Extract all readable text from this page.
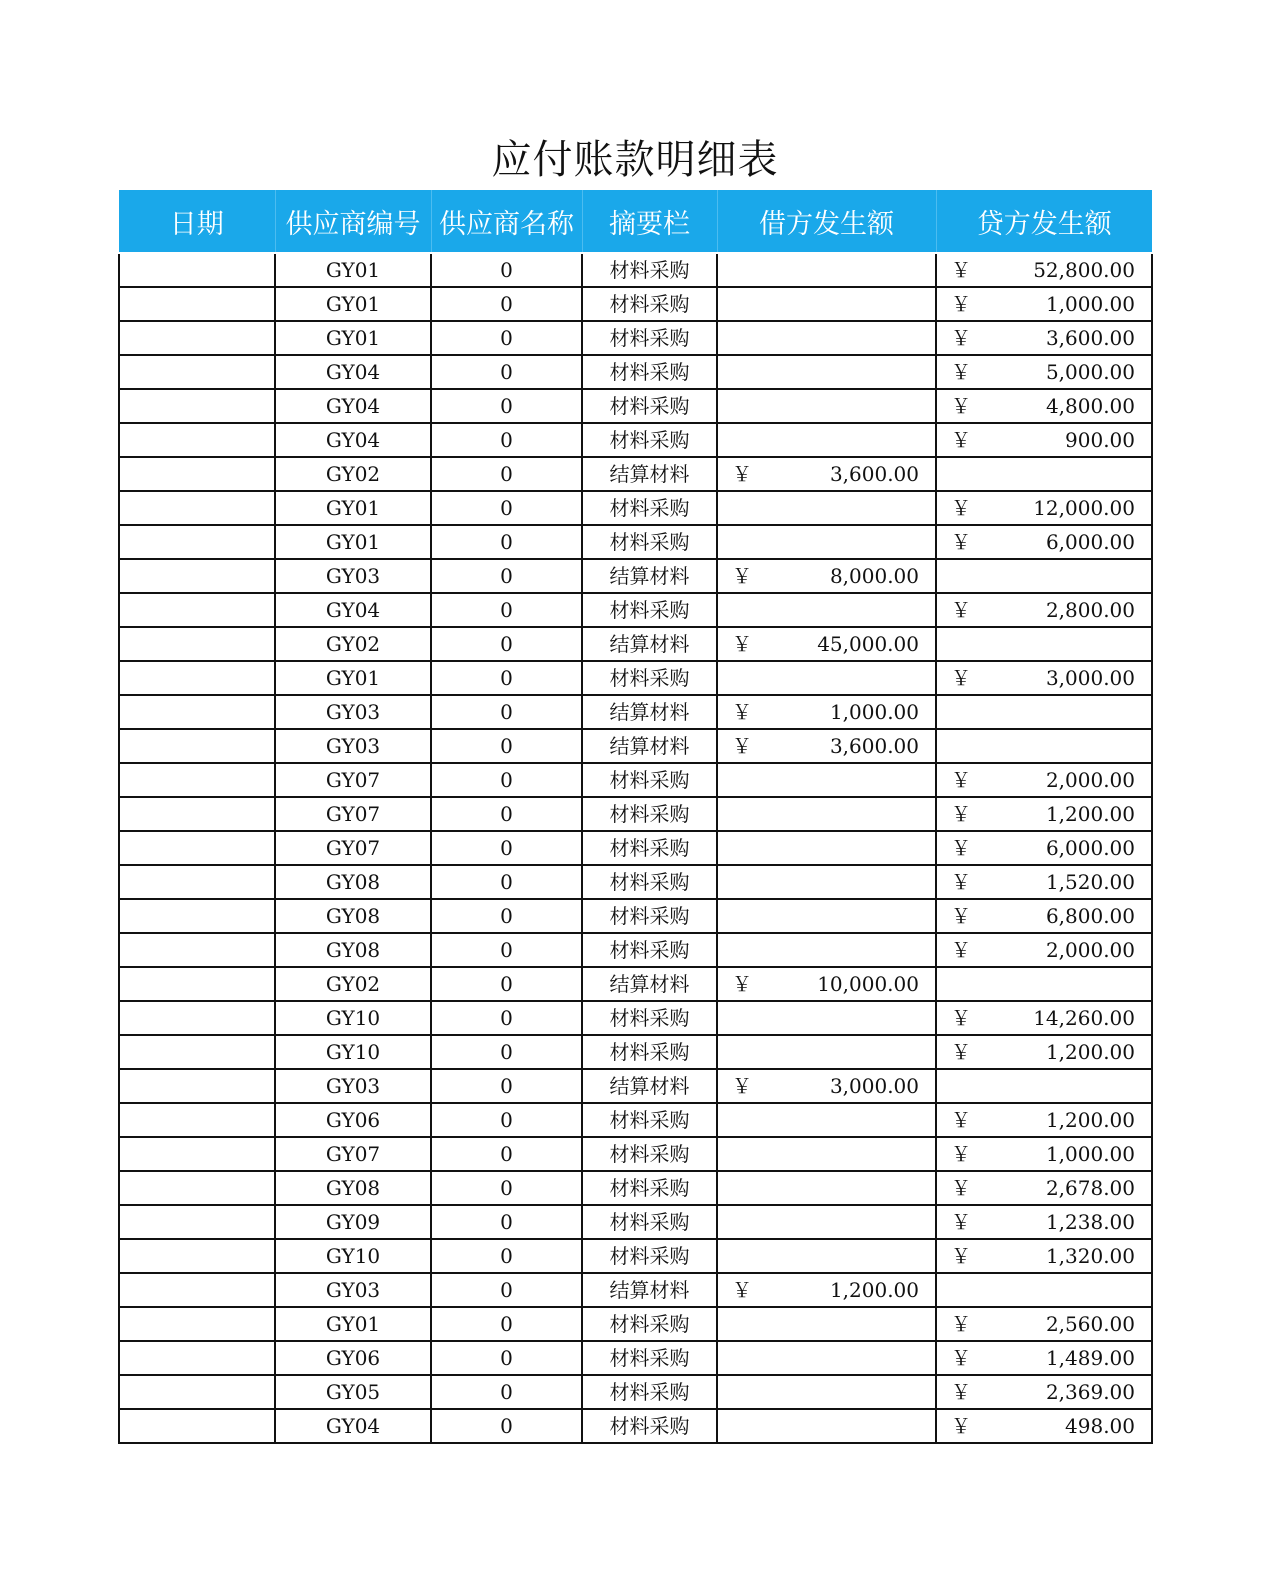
应付账款明细表
日期	供应商编号	供应商名称	摘要栏	借方发生额	贷方发生额
	GY01	0	材料采购		￥ 52,800.00

	GY01	0	材料采购		￥ 1,000.00

	GY01	0	材料采购		￥ 3,600.00

	GY04	0	材料采购		￥ 5,000.00

	GY04	0	材料采购		￥ 4,800.00

	GY04	0	材料采购		￥ 900.00

	GY02	0	结算材料	￥ 3,600.00	

	GY01	0	材料采购		￥ 12,000.00

	GY01	0	材料采购		￥ 6,000.00

	GY03	0	结算材料	￥ 8,000.00	

	GY04	0	材料采购		￥ 2,800.00

	GY02	0	结算材料	￥ 45,000.00	

	GY01	0	材料采购		￥ 3,000.00

	GY03	0	结算材料	￥ 1,000.00	

	GY03	0	结算材料	￥ 3,600.00	

	GY07	0	材料采购		￥ 2,000.00

	GY07	0	材料采购		￥ 1,200.00

	GY07	0	材料采购		￥ 6,000.00

	GY08	0	材料采购		￥ 1,520.00

	GY08	0	材料采购		￥ 6,800.00

	GY08	0	材料采购		￥ 2,000.00

	GY02	0	结算材料	￥ 10,000.00	

	GY10	0	材料采购		￥ 14,260.00

	GY10	0	材料采购		￥ 1,200.00

	GY03	0	结算材料	￥ 3,000.00	

	GY06	0	材料采购		￥ 1,200.00

	GY07	0	材料采购		￥ 1,000.00

	GY08	0	材料采购		￥ 2,678.00

	GY09	0	材料采购		￥ 1,238.00

	GY10	0	材料采购		￥ 1,320.00

	GY03	0	结算材料	￥ 1,200.00	

	GY01	0	材料采购		￥ 2,560.00

	GY06	0	材料采购		￥ 1,489.00

	GY05	0	材料采购		￥ 2,369.00

	GY04	0	材料采购		￥ 498.00
